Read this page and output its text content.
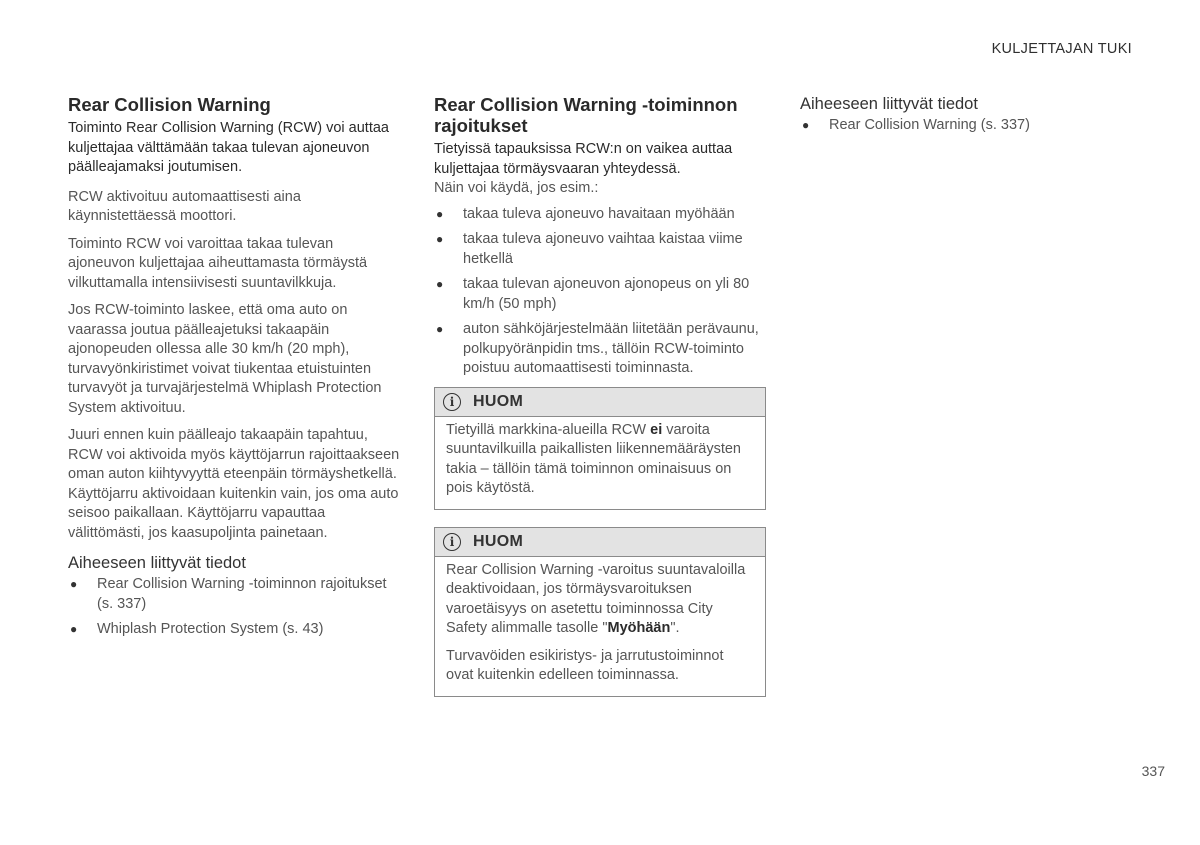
KULJETTAJAN TUKI
Rear Collision Warning

Toiminto Rear Collision Warning (RCW) voi auttaa kuljettajaa välttämään takaa tulevan ajoneuvon päälleajamaksi joutumisen.

RCW aktivoituu automaattisesti aina käynnistettäessä moottori.

Toiminto RCW voi varoittaa takaa tulevan ajoneuvon kuljettajaa aiheuttamasta törmäystä vilkuttamalla intensiivisesti suuntavilkkuja.

Jos RCW-toiminto laskee, että oma auto on vaarassa joutua päälleajetuksi takaapäin ajonopeuden ollessa alle 30 km/h (20 mph), turvavyönkiristimet voivat tiukentaa etuistuinten turvavyöt ja turvajärjestelmä Whiplash Protection System aktivoituu.

Juuri ennen kuin päälleajo takaapäin tapahtuu, RCW voi aktivoida myös käyttöjarrun rajoittaakseen oman auton kiihtyvyyttä eteenpäin törmäyshetkellä. Käyttöjarru aktivoidaan kuitenkin vain, jos oma auto seisoo paikallaan. Käyttöjarru vapauttaa välittömästi, jos kaasupoljinta painetaan.

Aiheeseen liittyvät tiedot
● Rear Collision Warning -toiminnon rajoitukset (s. 337)
● Whiplash Protection System (s. 43)
Rear Collision Warning -toiminnon rajoitukset

Tietyissä tapauksissa RCW:n on vaikea auttaa kuljettajaa törmäysvaaran yhteydessä.

Näin voi käydä, jos esim.:

● takaa tuleva ajoneuvo havaitaan myöhään
● takaa tuleva ajoneuvo vaihtaa kaistaa viime hetkellä
● takaa tulevan ajoneuvon ajonopeus on yli 80 km/h (50 mph)
● auton sähköjärjestelmään liitetään perävaunu, polkupyöränpidin tms., tällöin RCW-toiminto poistuu automaattisesti toiminnasta.
i	HUOM

Tietyillä markkina-alueilla RCW ei varoita suuntavilkuilla paikallisten liikennemääräysten takia – tällöin tämä toiminnon ominaisuus on pois käytöstä.

i	HUOM

Rear Collision Warning -varoitus suuntavaloilla deaktivoidaan, jos törmäysvaroituksen varoetäisyys on asetettu toiminnossa City Safety alimmalle tasolle "Myöhään".

Turvavöiden esikiristys- ja jarrutustoiminnot ovat kuitenkin edelleen toiminnassa.

Aiheeseen liittyvät tiedot
● Rear Collision Warning (s. 337)
337
